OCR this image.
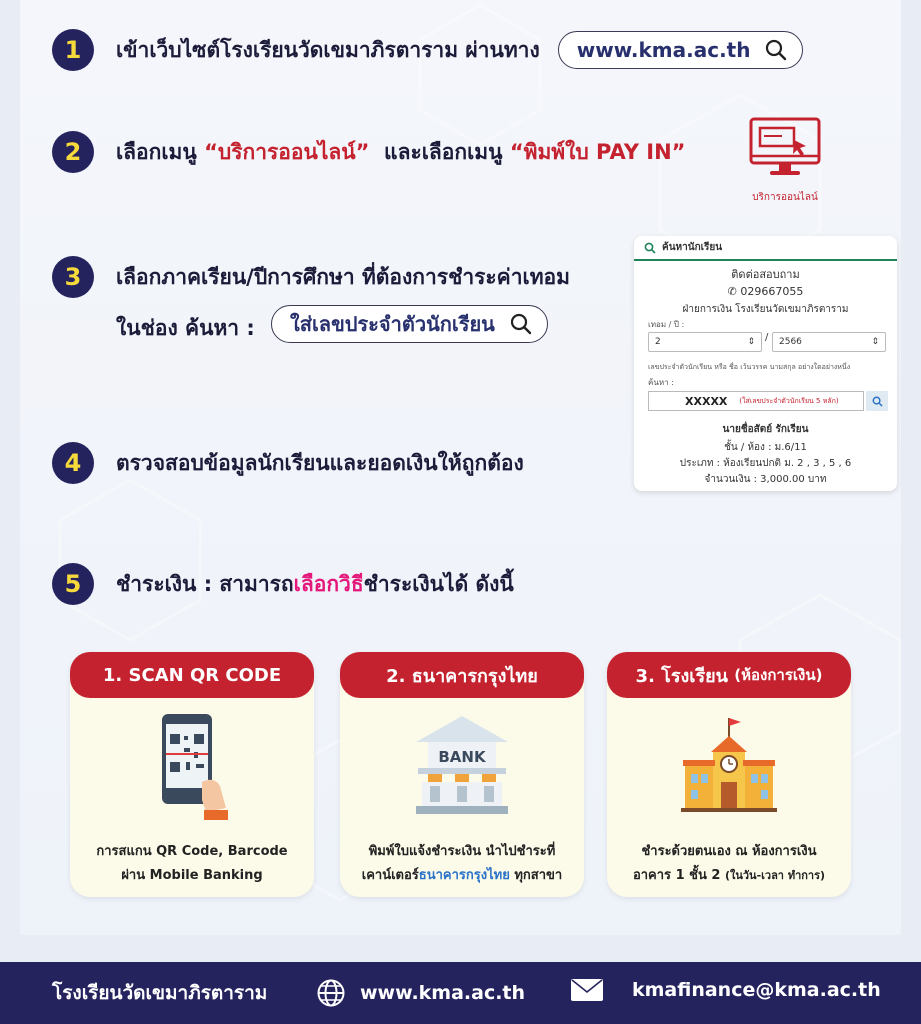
1	เข้าเว็บไซต์โรงเรียนวัดเขมาภิรตาราม ผ่านทาง www.kma.ac.th
2	เลือกเมนู “บริการออนไลน์”  และเลือกเมนู “พิมพ์ใบ PAY IN”
บริการออนไลน์
3	เลือกภาคเรียน/ปีการศึกษา ที่ต้องการชำระค่าเทอม
ในช่อง ค้นหา : ใส่เลขประจำตัวนักเรียน
ค้นหานักเรียน
ติดต่อสอบถาม
✆ 029667055
ฝ่ายการเงิน โรงเรียนวัดเขมาภิรตาราม
เทอม / ปี :
2	⇕ / 2566	⇕
เลขประจำตัวนักเรียน หรือ ชื่อ เว้นวรรค นามสกุล อย่างใดอย่างหนึ่ง
ค้นหา :
XXXXX (ใส่เลขประจำตัวนักเรียน 5 หลัก)
นายชื่อสัตย์ รักเรียน
ชั้น / ห้อง : ม.6/11
ประเภท : ห้องเรียนปกติ ม. 2 , 3 , 5 , 6
จำนวนเงิน : 3,000.00 บาท
4	ตรวจสอบข้อมูลนักเรียนและยอดเงินให้ถูกต้อง
5	ชำระเงิน : สามารถเลือกวิธีชำระเงินได้ ดังนี้
1. SCAN QR CODE
การสแกน QR Code, Barcode
ผ่าน Mobile Banking
2. ธนาคารกรุงไทย
BANK
พิมพ์ใบแจ้งชำระเงิน นำไปชำระที่
เคาน์เตอร์ธนาคารกรุงไทย ทุกสาขา
3. โรงเรียน (ห้องการเงิน)
ชำระด้วยตนเอง ณ ห้องการเงิน
อาคาร 1 ชั้น 2 (ในวัน-เวลา ทำการ)
โรงเรียนวัดเขมาภิรตาราม	www.kma.ac.th	kmafinance@kma.ac.th
